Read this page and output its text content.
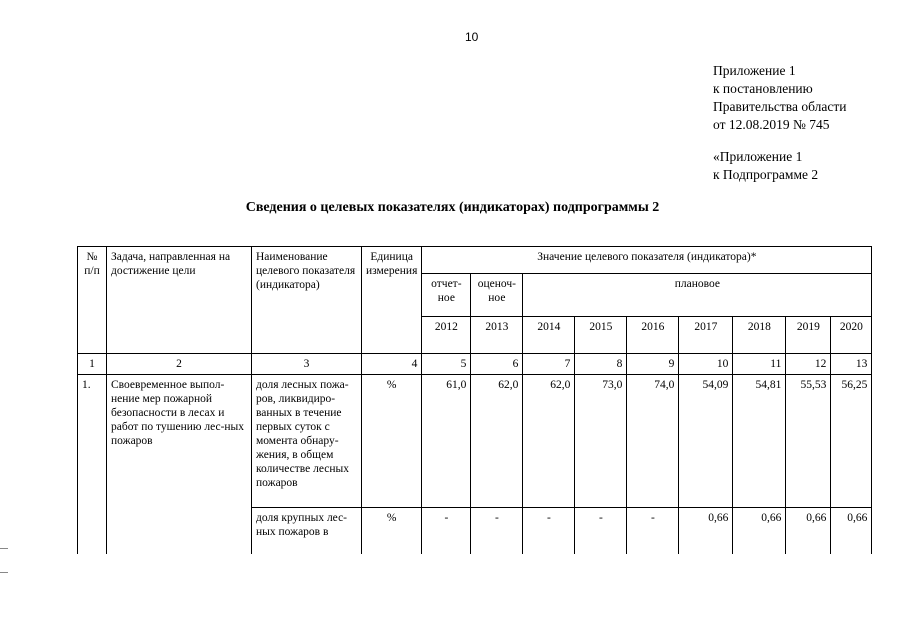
10
Приложение 1
к постановлению
Правительства области
от 12.08.2019 № 745
«Приложение 1
к Подпрограмме 2
Сведения о целевых показателях (индикаторах) подпрограммы 2
№ п/п	Задача, направленная на достижение цели	Наименование целевого показателя (индикатора)	Единица измерения	Значение целевого показателя (индикатора)*								
				отчет-ное	оценоч-ное	плановое						
				2012	2013	2014	2015	2016	2017	2018	2019	2020
1	2	3	4	5	6	7	8	9	10	11	12	13
1.	Своевременное выпол-нение мер пожарной безопасности в лесах и работ по тушению лес-ных пожаров	доля лесных пожа-ров, ликвидиро-ванных в течение первых суток с момента обнару-жения, в общем количестве лесных пожаров	%	61,0	62,0	62,0	73,0	74,0	54,09	54,81	55,53	56,25
		доля крупных лес-ных пожаров в	%	-	-	-	-	-	0,66	0,66	0,66	0,66
